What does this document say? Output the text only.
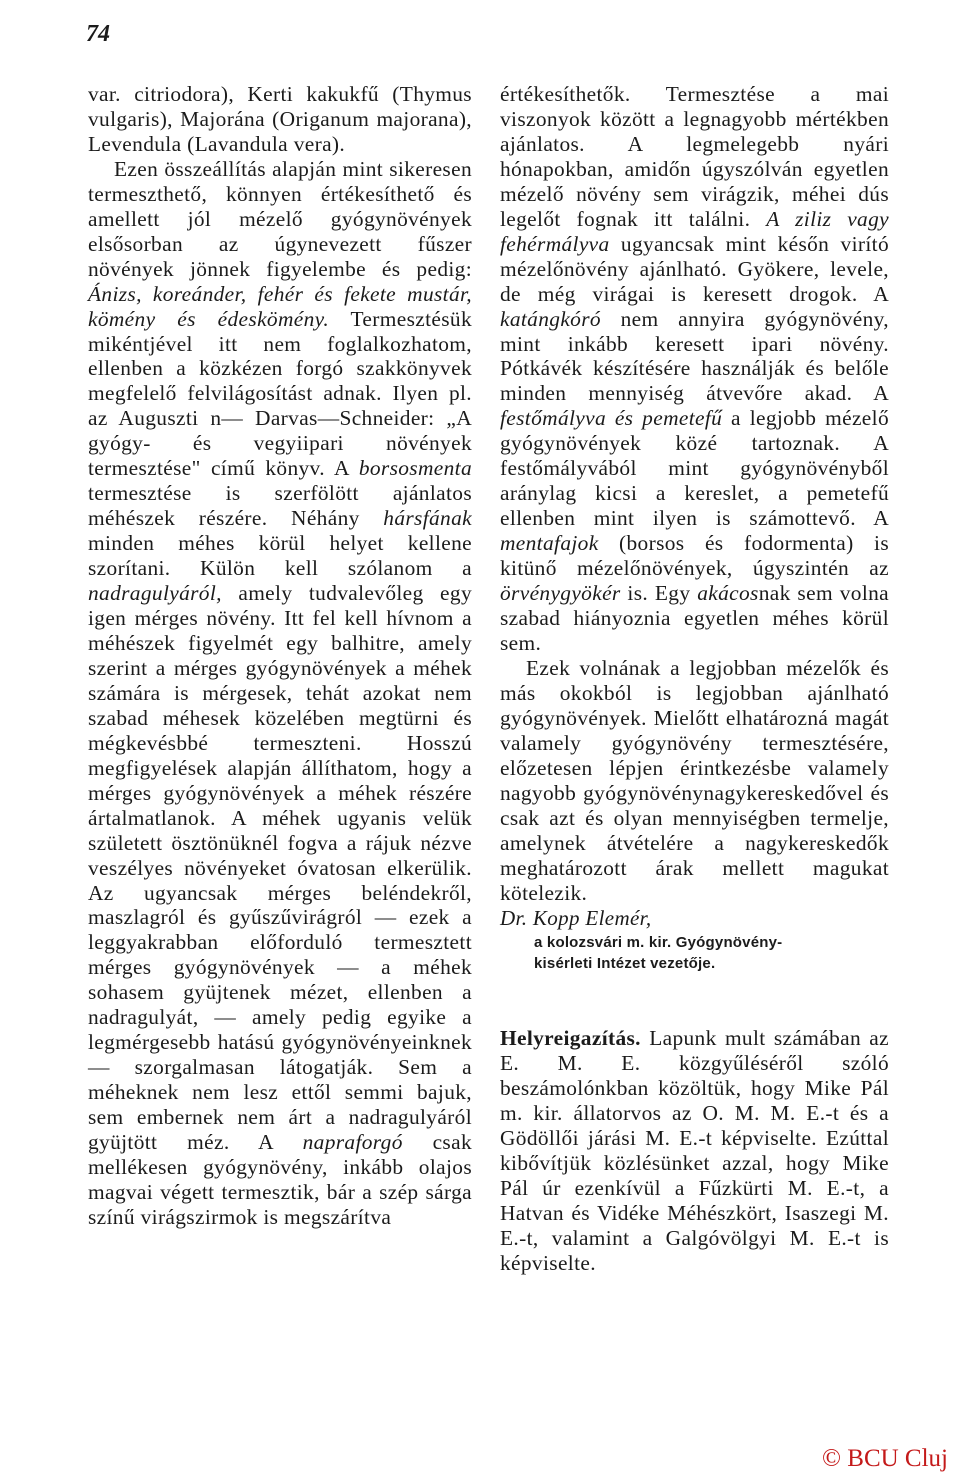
74

var. citriodora), Kerti kakukfű (Thymus vulgaris), Majorána (Origanum majorana), Levendula (Lavandula vera).

Ezen összeállítás alapján mint sikeresen termeszthető, könnyen értékesíthető és amellett jól mézelő gyógynövények elsősorban az úgynevezett fűszer növények jönnek figyelembe és pedig: Ánizs, koreánder, fehér és fekete mustár, kömény és édeskömény. Termesztésük mikéntjével itt nem foglalkozhatom, ellenben a közkézen forgó szakkönyvek megfelelő felvilágosítást adnak. Ilyen pl. az Auguszti n— Darvas—Schneider: „A gyógy- és vegyiipari növények termesztése" című könyv. A borsosmenta termesztése is szerfölött ajánlatos méhészek részére. Néhány hársfának minden méhes körül helyet kellene szorítani. Külön kell szólanom a nadragulyáról, amely tudvalevőleg egy igen mérges növény. Itt fel kell hívnom a méhészek figyelmét egy balhitre, amely szerint a mérges gyógynövények a méhek számára is mérgesek, tehát azokat nem szabad méhesek közelében megtürni és mégkevésbbé termeszteni. Hosszú megfigyelések alapján állíthatom, hogy a mérges gyógynövények a méhek részére ártalmatlanok. A méhek ugyanis velük született ösztönüknél fogva a rájuk nézve veszélyes növényeket óvatosan elkerülik. Az ugyancsak mérges beléndekről, maszlagról és gyűszűvirágról — ezek a leggyakrabban előforduló termesztett mérges gyógynövények — a méhek sohasem gyüjtenek mézet, ellenben a nadragulyát, — amely pedig egyike a legmérgesebb hatású gyógynövényeinknek — szorgalmasan látogatják. Sem a méheknek nem lesz ettől semmi bajuk, sem embernek nem árt a nadragulyáról gyüjtött méz. A napraforgó csak mellékesen gyógynövény, inkább olajos magvai végett termesztik, bár a szép sárga színű virágszirmok is megszárítva

értékesíthetők. Termesztése a mai viszonyok között a legnagyobb mértékben ajánlatos. A legmelegebb nyári hónapokban, amidőn úgyszólván egyetlen mézelő növény sem virágzik, méhei dús legelőt fognak itt találni. A ziliz vagy fehérmályva ugyancsak mint későn virító mézelőnövény ajánlható. Gyökere, levele, de még virágai is keresett drogok. A katángkóró nem annyira gyógynövény, mint inkább keresett ipari növény. Pótkávék készítésére használják és belőle minden mennyiség átvevőre akad. A festőmályva és pemetefű a legjobb mézelő gyógynövények közé tartoznak. A festőmályvából mint gyógynövényből aránylag kicsi a kereslet, a pemetefű ellenben mint ilyen is számottevő. A mentafajok (borsos és fodormenta) is kitünő mézelőnövények, úgyszintén az örvénygyökér is. Egy akácosnak sem volna szabad hiányoznia egyetlen méhes körül sem.

Ezek volnának a legjobban mézelők és más okokból is legjobban ajánlható gyógynövények. Mielőtt elhatározná magát valamely gyógynövény termesztésére, előzetesen lépjen érintkezésbe valamely nagyobb gyógynövénynagykereskedővel és csak azt és olyan mennyiségben termelje, amelynek átvételére a nagykereskedők meghatározott árak mellett magukat kötelezik.

Dr. Kopp Elemér,

a kolozsvári m. kir. Gyógynövény-

kisérleti Intézet vezetője.

Helyreigazítás. Lapunk mult számában az E. M. E. közgyűléséről szóló beszámolónkban közöltük, hogy Mike Pál m. kir. állatorvos az O. M. M. E.-t és a Gödöllői járási M. E.-t képviselte. Ezúttal kibővítjük közlésünket azzal, hogy Mike Pál úr ezenkívül a Fűzkürti M. E.-t, a Hatvan és Vidéke Méhészkört, Isaszegi M. E.-t, valamint a Galgóvölgyi M. E.-t is képviselte.

© BCU Cluj
